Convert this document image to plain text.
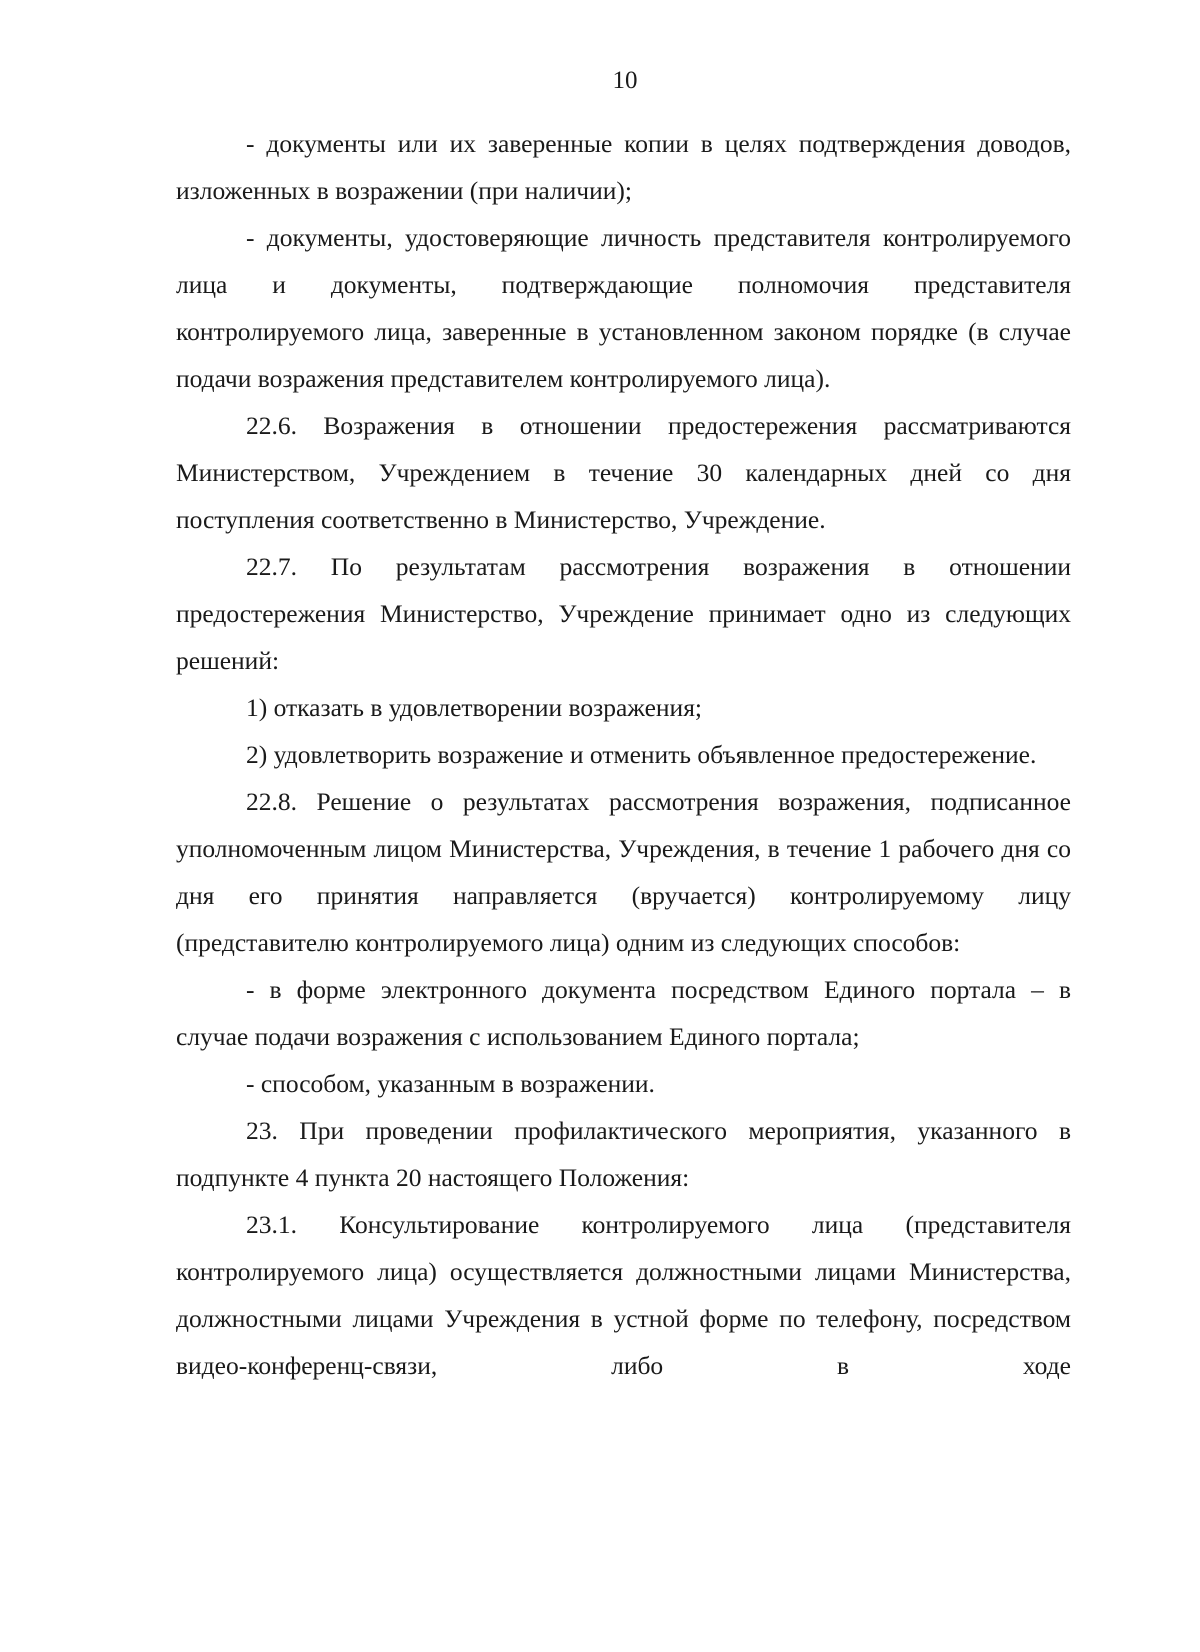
10

- документы или их заверенные копии в целях подтверждения доводов, изложенных в возражении (при наличии);

- документы, удостоверяющие личность представителя контролируемого лица и документы, подтверждающие полномочия представителя контролируемого лица, заверенные в установленном законом порядке (в случае подачи возражения представителем контролируемого лица).

22.6. Возражения в отношении предостережения рассматриваются Министерством, Учреждением в течение 30 календарных дней со дня поступления соответственно в Министерство, Учреждение.

22.7. По результатам рассмотрения возражения в отношении предостережения Министерство, Учреждение принимает одно из следующих решений:

1) отказать в удовлетворении возражения;

2) удовлетворить возражение и отменить объявленное предостережение.

22.8. Решение о результатах рассмотрения возражения, подписанное уполномоченным лицом Министерства, Учреждения, в течение 1 рабочего дня со дня его принятия направляется (вручается) контролируемому лицу (представителю контролируемого лица) одним из следующих способов:

- в форме электронного документа посредством Единого портала – в случае подачи возражения с использованием Единого портала;

- способом, указанным в возражении.

23. При проведении профилактического мероприятия, указанного в подпункте 4 пункта 20 настоящего Положения:

23.1. Консультирование контролируемого лица (представителя контролируемого лица) осуществляется должностными лицами Министерства, должностными лицами Учреждения в устной форме по телефону, посредством видео-конференц-связи, либо в ходе
